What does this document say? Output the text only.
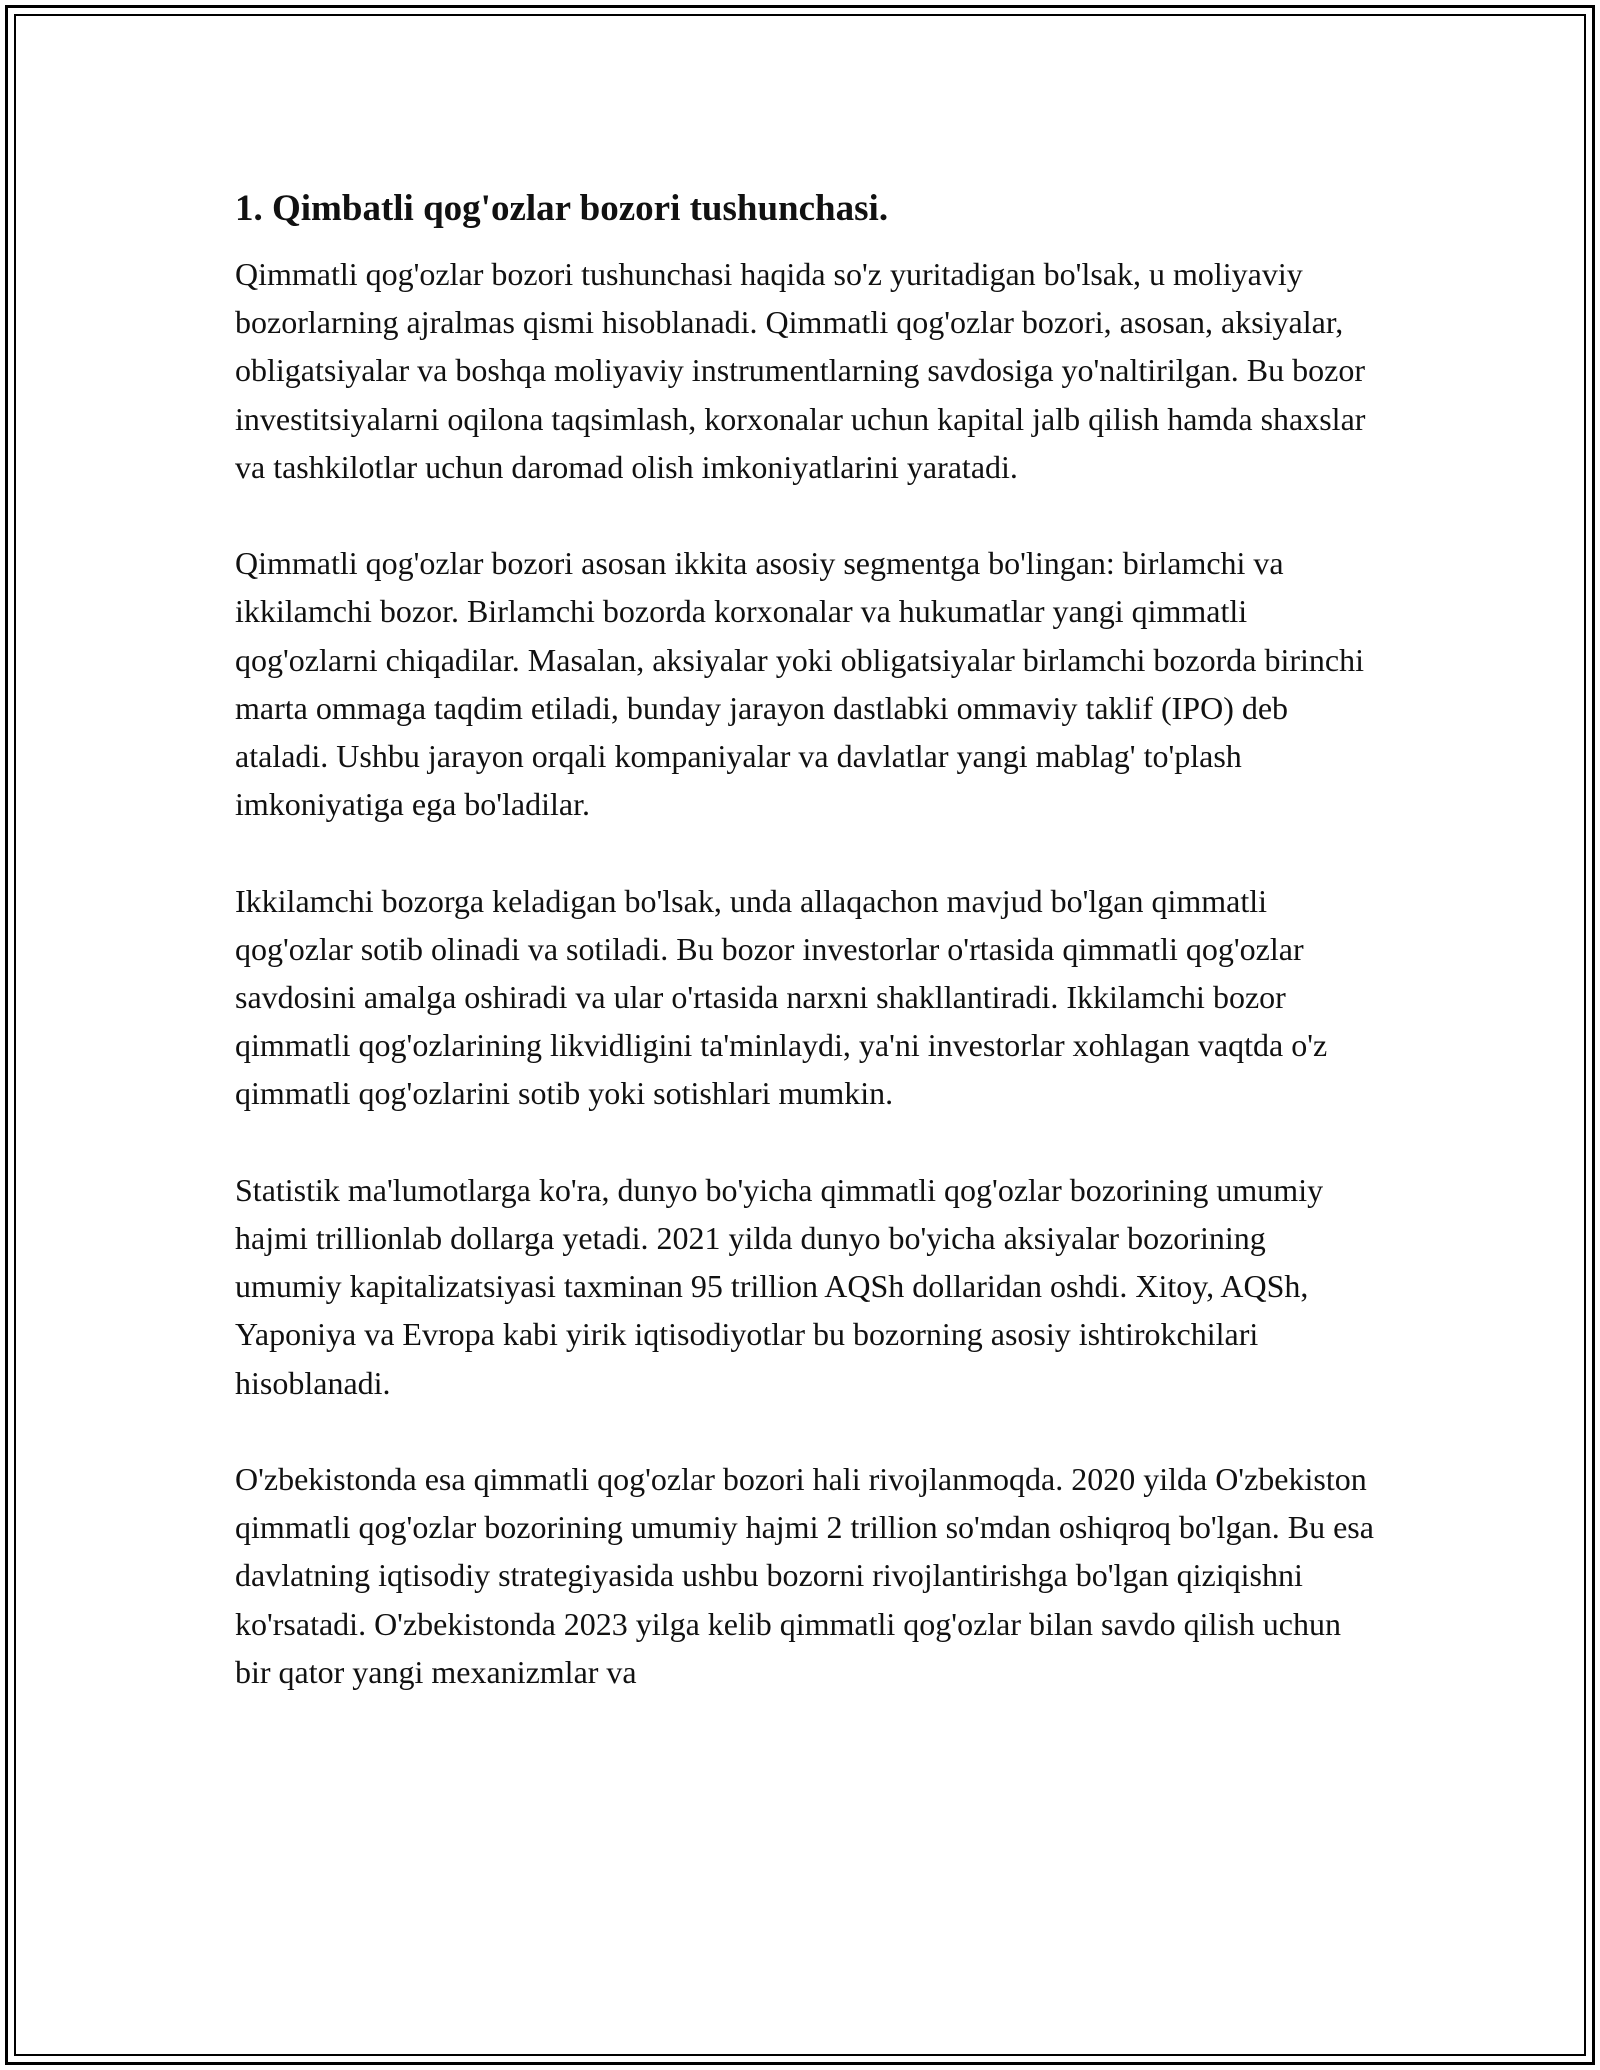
1. Qimbatli qog'ozlar bozori tushunchasi.

Qimmatli qog'ozlar bozori tushunchasi haqida so'z yuritadigan bo'lsak, u moliyaviy bozorlarning ajralmas qismi hisoblanadi. Qimmatli qog'ozlar bozori, asosan, aksiyalar, obligatsiyalar va boshqa moliyaviy instrumentlarning savdosiga yo'naltirilgan. Bu bozor investitsiyalarni oqilona taqsimlash, korxonalar uchun kapital jalb qilish hamda shaxslar va tashkilotlar uchun daromad olish imkoniyatlarini yaratadi.

Qimmatli qog'ozlar bozori asosan ikkita asosiy segmentga bo'lingan: birlamchi va ikkilamchi bozor. Birlamchi bozorda korxonalar va hukumatlar yangi qimmatli qog'ozlarni chiqadilar. Masalan, aksiyalar yoki obligatsiyalar birlamchi bozorda birinchi marta ommaga taqdim etiladi, bunday jarayon dastlabki ommaviy taklif (IPO) deb ataladi. Ushbu jarayon orqali kompaniyalar va davlatlar yangi mablag' to'plash imkoniyatiga ega bo'ladilar.

Ikkilamchi bozorga keladigan bo'lsak, unda allaqachon mavjud bo'lgan qimmatli qog'ozlar sotib olinadi va sotiladi. Bu bozor investorlar o'rtasida qimmatli qog'ozlar savdosini amalga oshiradi va ular o'rtasida narxni shakllantiradi. Ikkilamchi bozor qimmatli qog'ozlarining likvidligini ta'minlaydi, ya'ni investorlar xohlagan vaqtda o'z qimmatli qog'ozlarini sotib yoki sotishlari mumkin.

Statistik ma'lumotlarga ko'ra, dunyo bo'yicha qimmatli qog'ozlar bozorining umumiy hajmi trillionlab dollarga yetadi. 2021 yilda dunyo bo'yicha aksiyalar bozorining umumiy kapitalizatsiyasi taxminan 95 trillion AQSh dollaridan oshdi. Xitoy, AQSh, Yaponiya va Evropa kabi yirik iqtisodiyotlar bu bozorning asosiy ishtirokchilari hisoblanadi.

O'zbekistonda esa qimmatli qog'ozlar bozori hali rivojlanmoqda. 2020 yilda O'zbekiston qimmatli qog'ozlar bozorining umumiy hajmi 2 trillion so'mdan oshiqroq bo'lgan. Bu esa davlatning iqtisodiy strategiyasida ushbu bozorni rivojlantirishga bo'lgan qiziqishni ko'rsatadi. O'zbekistonda 2023 yilga kelib qimmatli qog'ozlar bilan savdo qilish uchun bir qator yangi mexanizmlar va
